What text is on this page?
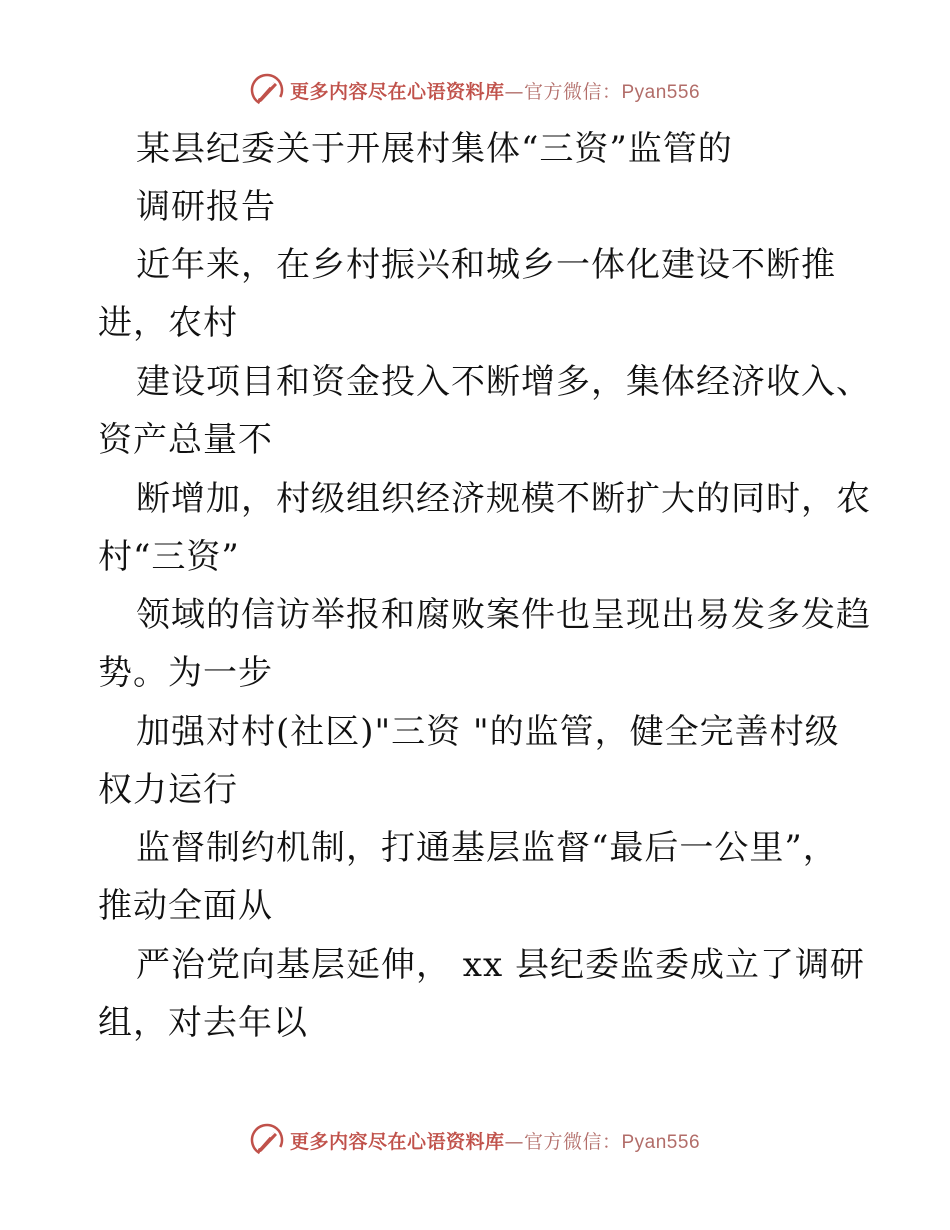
更多内容尽在心语资料库—官方微信：Pyan556
某县纪委关于开展村集体“三资”监管的
调研报告
近年来，在乡村振兴和城乡一体化建设不断推
进，农村
建设项目和资金投入不断增多，集体经济收入、
资产总量不
断增加，村级组织经济规模不断扩大的同时，农
村“三资”
领域的信访举报和腐败案件也呈现出易发多发趋
势。为一步
加强对村(社区)"三资 "的监管，健全完善村级
权力运行
监督制约机制，打通基层监督“最后一公里”，
推动全面从
严治党向基层延伸， xx 县纪委监委成立了调研
组，对去年以
更多内容尽在心语资料库—官方微信：Pyan556
